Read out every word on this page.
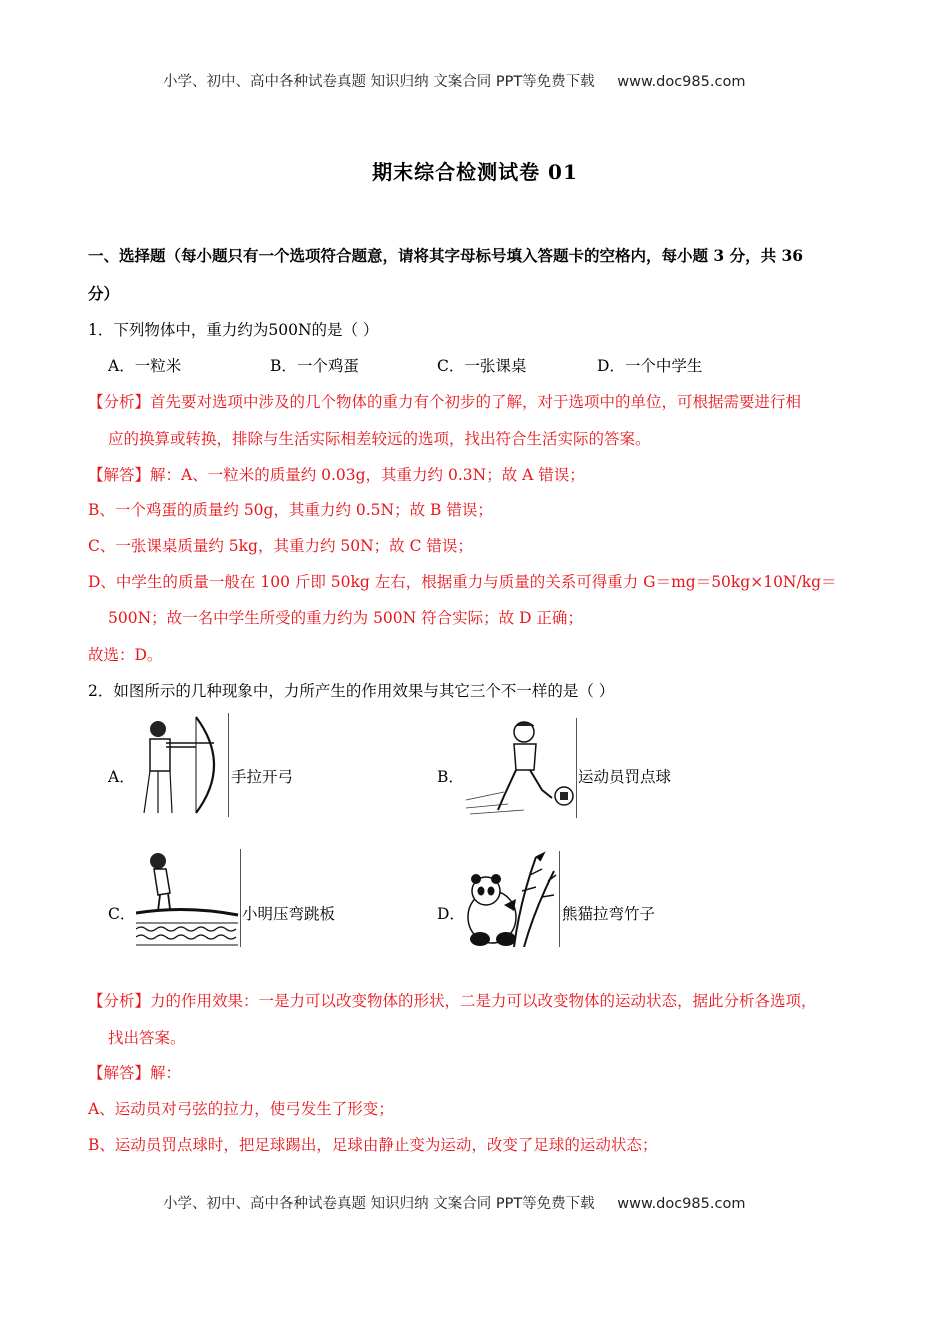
小学、初中、高中各种试卷真题 知识归纳 文案合同 PPT等免费下载 www.doc985.com
期末综合检测试卷 01
一、选择题（每小题只有一个选项符合题意，请将其字母标号填入答题卡的空格内，每小题 3 分，共 36
分）
1．下列物体中，重力约为500N的是（ ）
A．一粒米	B．一个鸡蛋	C．一张课桌	D．一个中学生
【分析】首先要对选项中涉及的几个物体的重力有个初步的了解，对于选项中的单位，可根据需要进行相
应的换算或转换，排除与生活实际相差较远的选项，找出符合生活实际的答案。
【解答】解：A、一粒米的质量约 0.03g，其重力约 0.3N；故 A 错误；
B、一个鸡蛋的质量约 50g，其重力约 0.5N；故 B 错误；
C、一张课桌质量约 5kg，其重力约 50N；故 C 错误；
D、中学生的质量一般在 100 斤即 50kg 左右，根据重力与质量的关系可得重力 G＝mg＝50kg×10N/kg＝
500N；故一名中学生所受的重力约为 500N 符合实际；故 D 正确；
故选：D。
2．如图所示的几种现象中，力所产生的作用效果与其它三个不一样的是（ ）
A．	手拉开弓	B．	运动员罚点球
C．	小明压弯跳板	D．	熊猫拉弯竹子
【分析】力的作用效果：一是力可以改变物体的形状，二是力可以改变物体的运动状态，据此分析各选项，
找出答案。
【解答】解：
A、运动员对弓弦的拉力，使弓发生了形变；
B、运动员罚点球时，把足球踢出，足球由静止变为运动，改变了足球的运动状态；
小学、初中、高中各种试卷真题 知识归纳 文案合同 PPT等免费下载 www.doc985.com
